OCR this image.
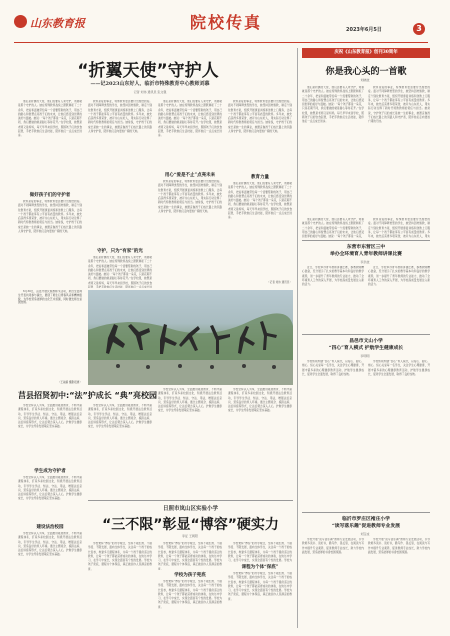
山东教育报	院校传真	2023年6月5日	3
“折翼天使”守护人
——记2023山东好人、临沂市特殊教育中心教师刘慕
记者 刘伟 通讯员 张文强
他们是折翼的天使，他们需要有人来守护，刘慕就是那个守护的人。她在特殊教育战线上默默耕耘了二十余年，把爱和温暖带给每一个需要帮助的孩子，用自己的耐心和智慧点亮孩子们的未来，让他们感受到世界的美好与温暖。她说：“每个孩子都是一朵花，只是花期不同，我们要做的就是耐心等待花开。”在学校里，她既是老师又是妈妈，每天早早来到学校，照顾孩子们的饮食起居，手把手教他们生活技能，陪伴他们一点点成长进步。
做好孩子们的守护者
教育是爱的事业，特殊教育更需要付出加倍的爱。面对不同障碍类型的学生，她坚持因材施教，制定个别化教育方案，组织开展康复训练和送教上门服务，让每一个孩子都能享有公平而有质量的教育。多年来，她先后获得多项荣誉，被评为山东好人，用实际行动诠释了新时代特教教师的责任与担当。她常说，守护孩子们的成长是她一生的事业，她愿意做孩子们成长路上的引路人和守护者，陪伴他们走向更加广阔的天地。
教育是爱的事业，特殊教育更需要付出加倍的爱。面对不同障碍类型的学生，她坚持因材施教，制定个别化教育方案，组织开展康复训练和送教上门服务，让每一个孩子都能享有公平而有质量的教育。多年来，她先后获得多项荣誉，被评为山东好人，用实际行动诠释了新时代特教教师的责任与担当。她常说，守护孩子们的成长是她一生的事业，她愿意做孩子们成长路上的引路人和守护者，陪伴他们走向更加广阔的天地。
守护，只为“有家”的光
他们是折翼的天使，他们需要有人来守护，刘慕就是那个守护的人。她在特殊教育战线上默默耕耘了二十余年，把爱和温暖带给每一个需要帮助的孩子，用自己的耐心和智慧点亮孩子们的未来，让他们感受到世界的美好与温暖。她说：“每个孩子都是一朵花，只是花期不同，我们要做的就是耐心等待花开。”在学校里，她既是老师又是妈妈，每天早早来到学校，照顾孩子们的饮食起居，手把手教他们生活技能，陪伴他们一点点成长进
他们是折翼的天使，他们需要有人来守护，刘慕就是那个守护的人。她在特殊教育战线上默默耕耘了二十余年，把爱和温暖带给每一个需要帮助的孩子，用自己的耐心和智慧点亮孩子们的未来，让他们感受到世界的美好与温暖。她说：“每个孩子都是一朵花，只是花期不同，我们要做的就是耐心等待花开。”在学校里，她既是老师又是妈妈，每天早早来到学校，照顾孩子们的饮食起居，手把手教他们生活技能，陪伴他们一点点成长进步。
用心“爱是不止”点亮未来
教育是爱的事业，特殊教育更需要付出加倍的爱。面对不同障碍类型的学生，她坚持因材施教，制定个别化教育方案，组织开展康复训练和送教上门服务，让每一个孩子都能享有公平而有质量的教育。多年来，她先后获得多项荣誉，被评为山东好人，用实际行动诠释了新时代特教教师的责任与担当。她常说，守护孩子们的成长是她一生的事业，她愿意做孩子们成长路上的引路人和守护者，陪伴他们走向更加广阔的天地。
教育是爱的事业，特殊教育更需要付出加倍的爱。面对不同障碍类型的学生，她坚持因材施教，制定个别化教育方案，组织开展康复训练和送教上门服务，让每一个孩子都能享有公平而有质量的教育。多年来，她先后获得多项荣誉，被评为山东好人，用实际行动诠释了新时代特教教师的责任与担当。她常说，守护孩子们的成长是她一生的事业，她愿意做孩子们成长路上的引路人和守护者，陪伴他们走向更加广阔的天地。
教育力量
他们是折翼的天使，他们需要有人来守护，刘慕就是那个守护的人。她在特殊教育战线上默默耕耘了二十余年，把爱和温暖带给每一个需要帮助的孩子，用自己的耐心和智慧点亮孩子们的未来，让他们感受到世界的美好与温暖。她说：“每个孩子都是一朵花，只是花期不同，我们要做的就是耐心等待花开。”在学校里，她既是老师又是妈妈，每天早早来到学校，照顾孩子们的饮食起居，手把手教他们生活技能，陪伴他们一点点成长进步。
（记者 刘伟 通讯员）
庆祝《山东教育报》创刊30周年
你是我心头的一首歌
刘晓波
他们是折翼的天使，他们需要有人来守护，刘慕就是那个守护的人。她在特殊教育战线上默默耕耘了二十余年，把爱和温暖带给每一个需要帮助的孩子，用自己的耐心和智慧点亮孩子们的未来，让他们感受到世界的美好与温暖。她说：“每个孩子都是一朵花，只是花期不同，我们要做的就是耐心等待花开。”在学校里，她既是老师又是妈妈，每天早早来到学校，照顾孩子们的饮食起居，手把手教他们生活技能，陪伴他们一点点成长进步。
教育是爱的事业，特殊教育更需要付出加倍的爱。面对不同障碍类型的学生，她坚持因材施教，制定个别化教育方案，组织开展康复训练和送教上门服务，让每一个孩子都能享有公平而有质量的教育。多年来，她先后获得多项荣誉，被评为山东好人，用实际行动诠释了新时代特教教师的责任与担当。她常说，守护孩子们的成长是她一生的事业，她愿意做孩子们成长路上的引路人和守护者，陪伴他们走向更加广阔的天地。
他们是折翼的天使，他们需要有人来守护，刘慕就是那个守护的人。她在特殊教育战线上默默耕耘了二十余年，把爱和温暖带给每一个需要帮助的孩子，用自己的耐心和智慧点亮孩子们的未来，让他们感受到世界的美好与温暖。她说：“每个孩子都是一朵花，
教育是爱的事业，特殊教育更需要付出加倍的爱。面对不同障碍类型的学生，她坚持因材施教，制定个别化教育方案，组织开展康复训练和送教上门服务，让每一个孩子都能享有公平而有质量的教育。多年来，她先后获得多项荣誉，被评为山东好人，用实
东营市东营区三中
举办全环境育人青年教师讲课比赛
李洪波
近日，学校举办青年教师讲课比赛，参赛教师精心准备，充分展示了扎实的教学基本功和良好的教学素养，进一步提升了青年教师的专业能力，推动了全环境育人工作的深入开展，为学校高质量发展注入新的活力。
近日，学校举办青年教师讲课比赛，参赛教师精心准备，充分展示了扎实的教学基本功和良好的教学素养，进一步提升了青年教师的专业能力，推动了全环境育人工作的深入开展，为学校高质量发展注入新的活力。
昌邑市文山小学
“四心”育人模式 护航学生健康成长
李明明
学校积极构建“四心”育人模式，以爱心、耐心、细心、恒心关爱每一名学生，关注学生心理健康，开展丰富多彩的心理健康教育活动，护航学生健康成长，促进学生全面发展，取得了良好成效。
学校积极构建“四心”育人模式，以爱心、耐心、细心、恒心关爱每一名学生，关注学生心理健康，开展丰富多彩的心理健康教育活动，护航学生健康成长，促进学生全面发展，取得了良好成效。
临沂市罗庄区褚庄小学
“读写落乐趣”促进教师专业发展
刘宝成
学校开展“读写落乐趣”教师专业发展活动，引导教师多读书、读好书，勤写作、善反思，在阅读与写作中提升专业素养，促进教师专业成长，助力学校内涵发展，营造浓厚的书香校园氛围。
学校开展“读写落乐趣”教师专业发展活动，引导教师多读书、读好书，勤写作、善反思，在阅读与写作中提升专业素养，促进教师专业成长，助力学校内涵发展，营造浓厚的书香校园氛围。
6月30日，莒县开展庆祝教师节活动，来自全县师生代表共同参与演出，展现了师生们青春风采和精神面貌，为学校营造浓厚的文化艺术氛围，同时激发师生爱国热情。
（王淑娟 摄影报道）
莒县招贤初中:“法”护成长 “典”亮校园
学校坚持以人为本，全面推进素质教育，不断丰富课程体系，打造多彩校园文化，积极开展法治教育活动，引导学生学法、知法、守法、用法，增强法治意识，营造良好的育人环境。通过主题班会、模拟法庭、法治讲座等形式，让法治观念深入人心，护航学生健康成长，为学生终身发展奠定坚实基础。
学生成为守护者
学校坚持以人为本，全面推进素质教育，不断丰富课程体系，打造多彩校园文化，积极开展法治教育活动，引导学生学法、知法、守法、用法，增强法治意识，营造良好的育人环境。通过主题班会、模拟法庭、法治讲座等形式，让法治观念深入人心，护航学生健康成长，为学生终身发展奠定坚实基础。
建设法治校园
学校坚持以人为本，全面推进素质教育，不断丰富课程体系，打造多彩校园文化，积极开展法治教育活动，引导学生学法、知法、守法、用法，增强法治意识，营造良好的育人环境。通过主题班会、模拟法庭、法治讲座等形式，让法治观念深入人心，护航学生健康成长，为学生终身发展奠定坚实基础。
学校坚持以人为本，全面推进素质教育，不断丰富课程体系，打造多彩校园文化，积极开展法治教育活动，引导学生学法、知法、守法、用法，增强法治意识，营造良好的育人环境。通过主题班会、模拟法庭、法治讲座等形式，让法治观念深入人心，护航学生健康成长，为学生终身发展奠定坚实基础。
学校坚持以人为本，全面推进素质教育，不断丰富课程体系，打造多彩校园文化，积极开展法治教育活动，引导学生学法、知法、守法、用法，增强法治意识，营造良好的育人环境。通过主题班会、模拟法庭、法治讲座等形式，让法治观念深入人心，护航学生健康成长，为学生终身发展奠定坚实基础。
学校坚持以人为本，全面推进素质教育，不断丰富课程体系，打造多彩校园文化，积极开展法治教育活动，引导学生学法、知法、守法、用法，增强法治意识，营造良好的育人环境。通过主题班会、模拟法庭、法治讲座等形式，让法治观念深入人心，护航学生健康成长，为学生终身发展奠定坚实基础。
日照市岚山区实验小学
“三不限”彰显“博容”硬实力
李征 王朝阳
学校秉持“博容”的办学理念，坚持不限生源、不限学段、不限发展，面向全体学生，关注每一个孩子的成长需求，构建多元课程体系，为每一个孩子提供适合的教育，让每一个孩子都能获得成功的体验，在快乐中学习，在学习中成长，实现全面而有个性的发展。学校为孩子兜底，课程为个体保底，真正做到办人民满意的教育。
学校秉持“博容”的办学理念，坚持不限生源、不限学段、不限发展，面向全体学生，关注每一个孩子的成长需求，构建多元课程体系，为每一个孩子提供适合的教育，让每一个孩子都能获得成功的体验，在快乐中学习，在学习中成长，实现全面而有个性的发展。学校为孩子兜底，课程为个体保底，真正做到办人民满意的教育。
学校为孩子兜底
学校秉持“博容”的办学理念，坚持不限生源、不限学段、不限发展，面向全体学生，关注每一个孩子的成长需求，构建多元课程体系，为每一个孩子提供适合的教育，让每一个孩子都能获得成功的体验，在快乐中学习，在学习中成长，实现全面而有个性的发展。学校为孩子兜底，课程为个体保底，真正做到办人民满意的教育。
学校秉持“博容”的办学理念，坚持不限生源、不限学段、不限发展，面向全体学生，关注每一个孩子的成长需求，构建多元课程体系，为每一个孩子提供适合的教育，让每一个孩子都能获得成功的体验，在快乐中学习，在学习中成长，实现全面而有个性的发展。学校为
课程为个体“保底”
学校秉持“博容”的办学理念，坚持不限生源、不限学段、不限发展，面向全体学生，关注每一个孩子的成长需求，构建多元课程体系，为每一个孩子提供适合的教育，让每一个孩子都能获得成功的体验，在快乐中学习，在学习中成长，实现全面而有个性的发展。学校为孩子兜底，课程为个体保底，真正做到办人民满意的教育。
